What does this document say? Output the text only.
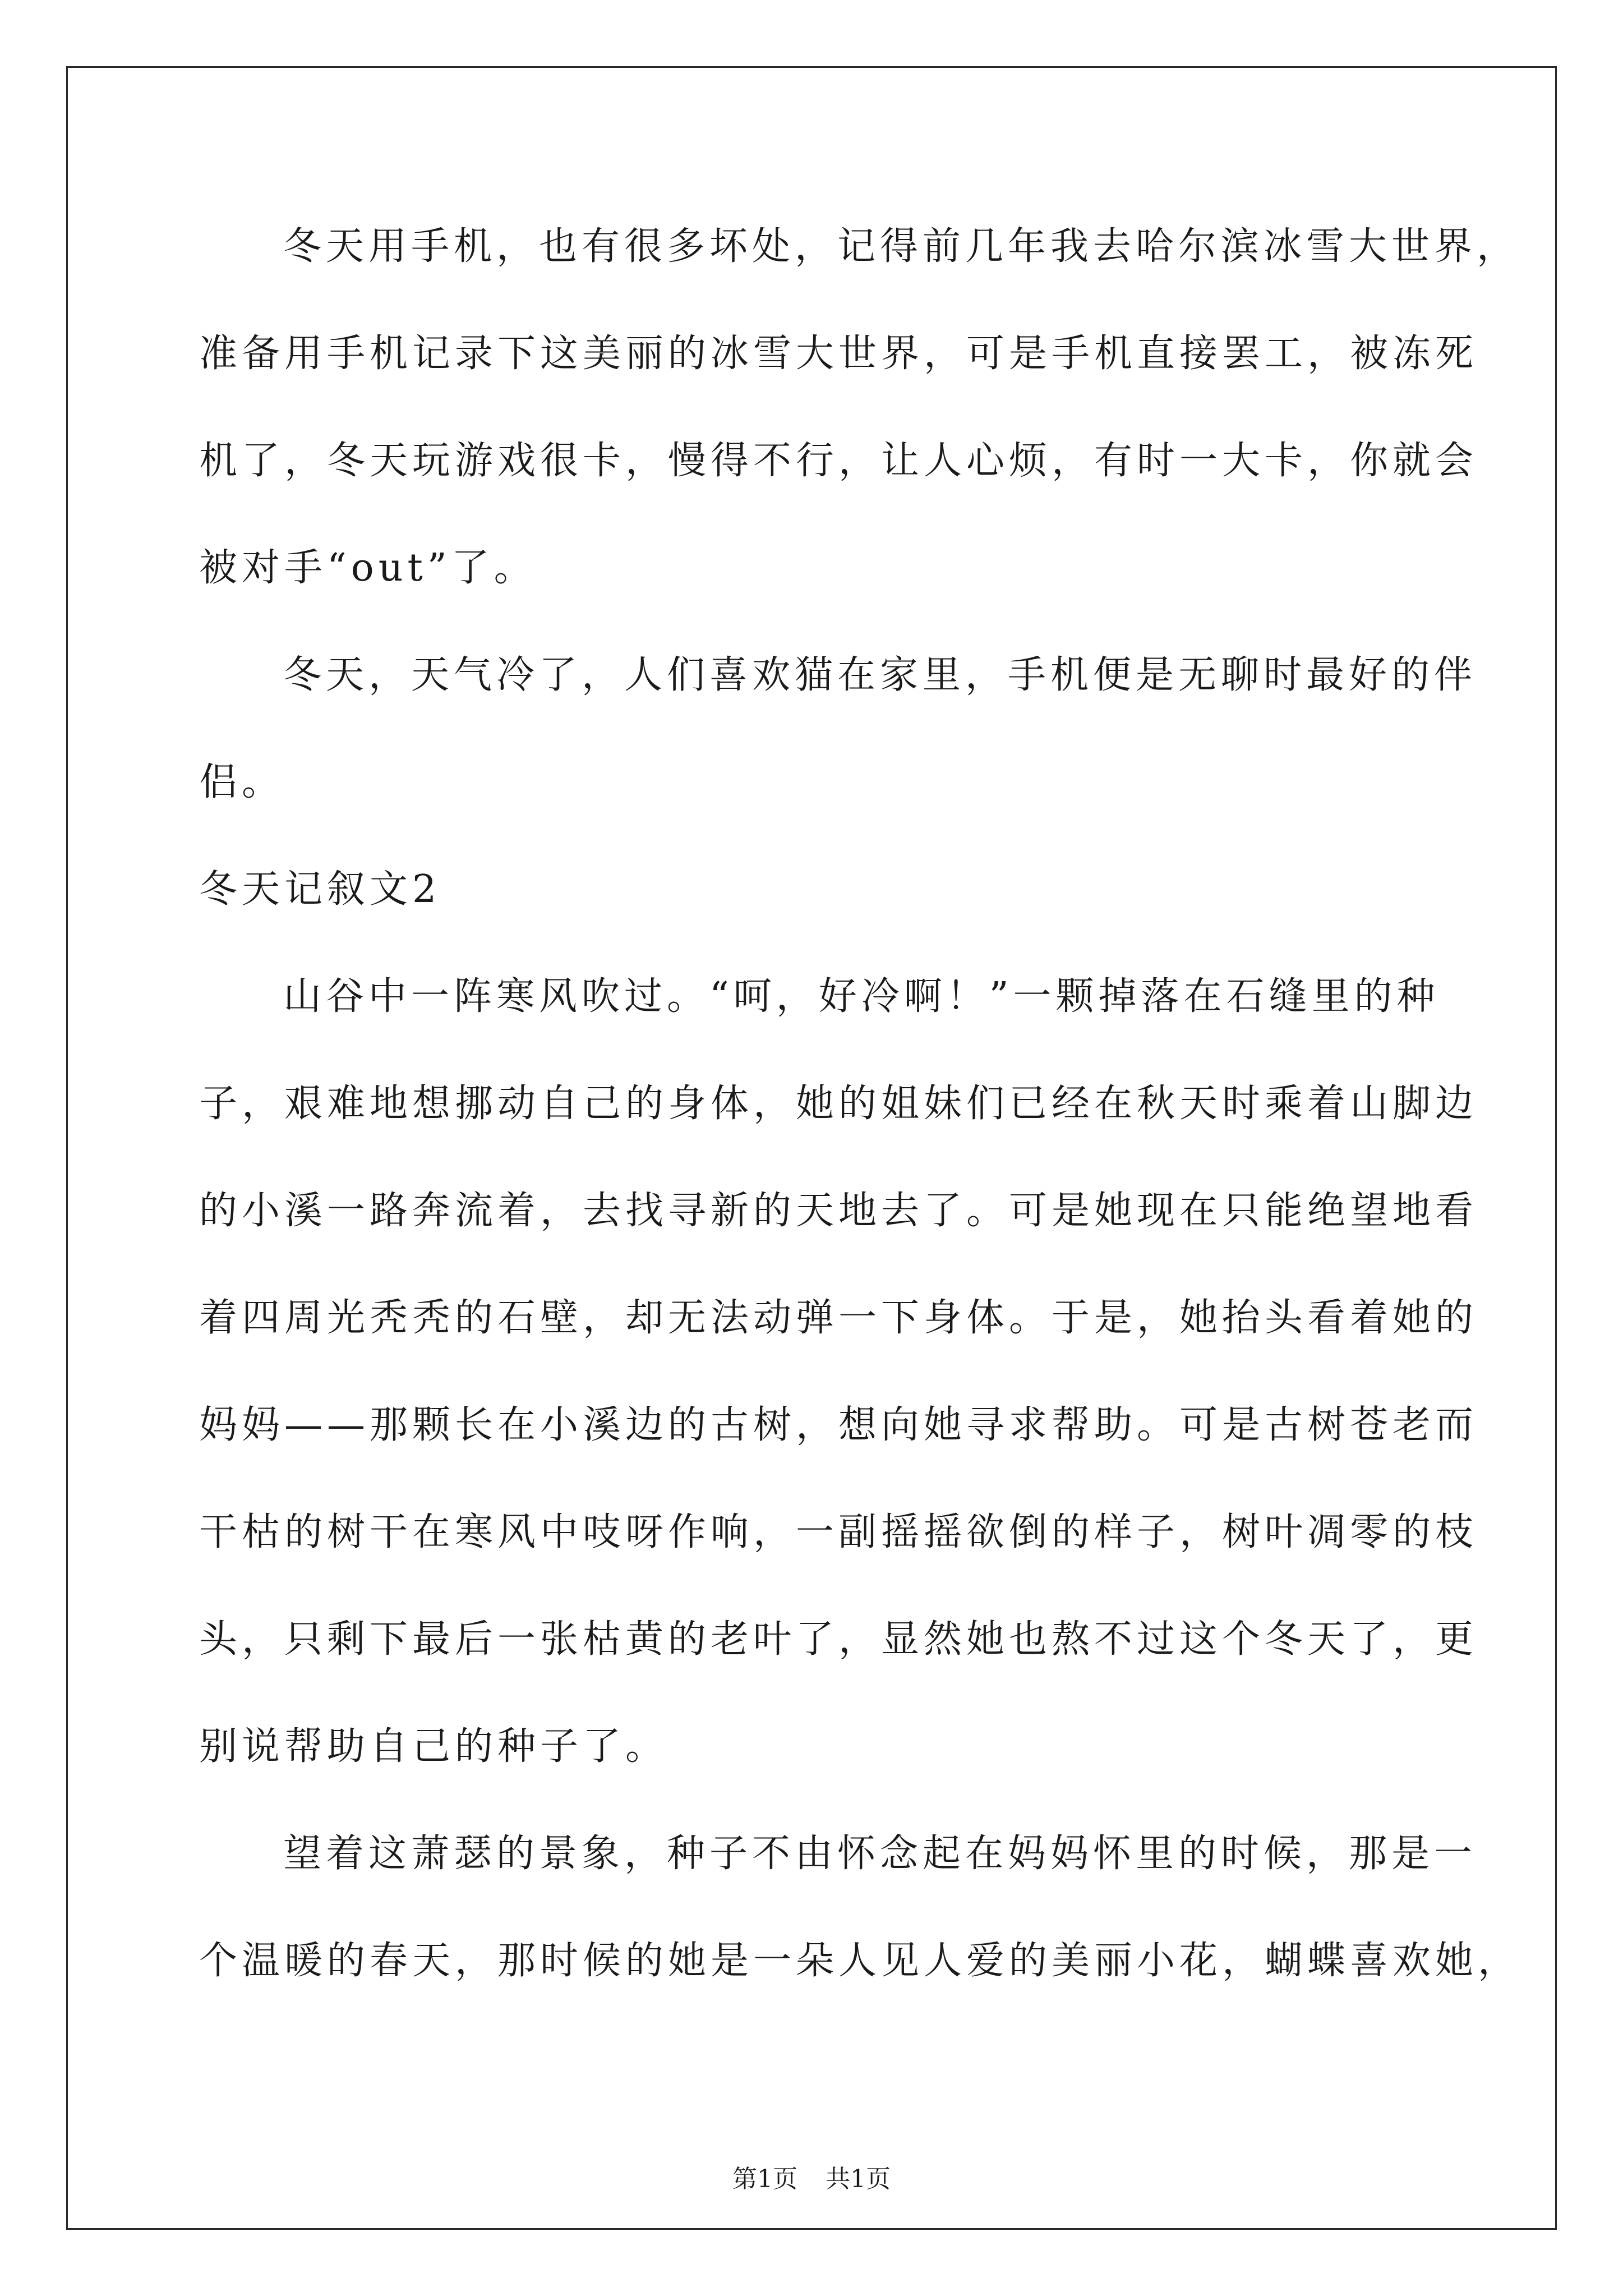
冬天用手机，也有很多坏处，记得前几年我去哈尔滨冰雪大世界，
准备用手机记录下这美丽的冰雪大世界，可是手机直接罢工，被冻死
机了，冬天玩游戏很卡，慢得不行，让人心烦，有时一大卡，你就会
被对手“out”了。
冬天，天气冷了，人们喜欢猫在家里，手机便是无聊时最好的伴
侣。
冬天记叙文2
山谷中一阵寒风吹过。“呵，好冷啊！”一颗掉落在石缝里的种
子，艰难地想挪动自己的身体，她的姐妹们已经在秋天时乘着山脚边
的小溪一路奔流着，去找寻新的天地去了。可是她现在只能绝望地看
着四周光秃秃的石壁，却无法动弹一下身体。于是，她抬头看着她的
妈妈——那颗长在小溪边的古树，想向她寻求帮助。可是古树苍老而
干枯的树干在寒风中吱呀作响，一副摇摇欲倒的样子，树叶凋零的枝
头，只剩下最后一张枯黄的老叶了，显然她也熬不过这个冬天了，更
别说帮助自己的种子了。
望着这萧瑟的景象，种子不由怀念起在妈妈怀里的时候，那是一
个温暖的春天，那时候的她是一朵人见人爱的美丽小花，蝴蝶喜欢她，
第1页 共1页
